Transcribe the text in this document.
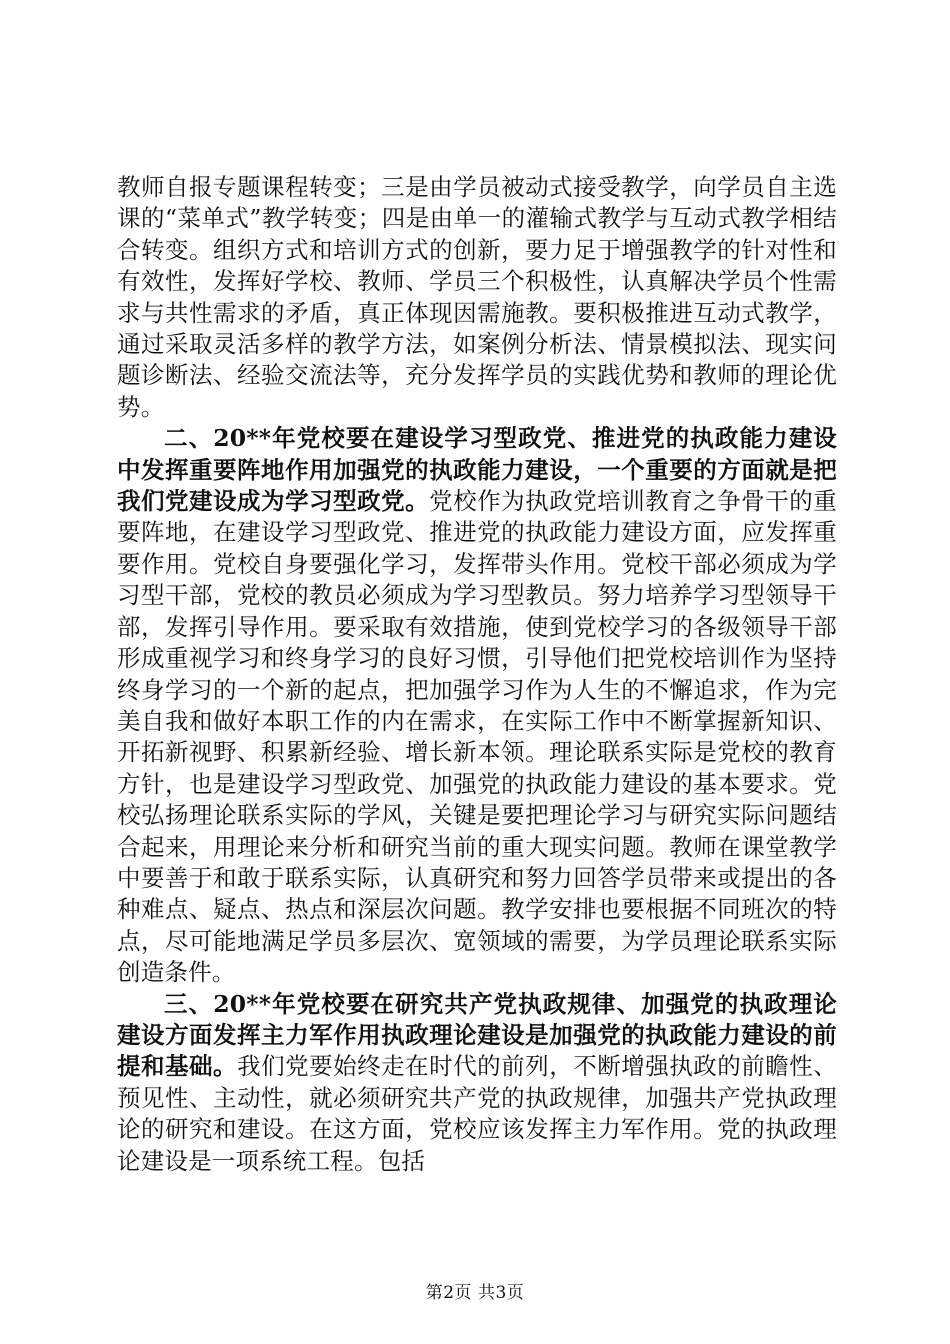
教师自报专题课程转变；三是由学员被动式接受教学，向学员自主选课的“菜单式”教学转变；四是由单一的灌输式教学与互动式教学相结合转变。组织方式和培训方式的创新，要力足于增强教学的针对性和有效性，发挥好学校、教师、学员三个积极性，认真解决学员个性需求与共性需求的矛盾，真正体现因需施教。要积极推进互动式教学，通过采取灵活多样的教学方法，如案例分析法、情景模拟法、现实问题诊断法、经验交流法等，充分发挥学员的实践优势和教师的理论优势。

二、20**年党校要在建设学习型政党、推进党的执政能力建设中发挥重要阵地作用加强党的执政能力建设，一个重要的方面就是把我们党建设成为学习型政党。党校作为执政党培训教育之争骨干的重要阵地，在建设学习型政党、推进党的执政能力建设方面，应发挥重要作用。党校自身要强化学习，发挥带头作用。党校干部必须成为学习型干部，党校的教员必须成为学习型教员。努力培养学习型领导干部，发挥引导作用。要采取有效措施，使到党校学习的各级领导干部形成重视学习和终身学习的良好习惯，引导他们把党校培训作为坚持终身学习的一个新的起点，把加强学习作为人生的不懈追求，作为完美自我和做好本职工作的内在需求，在实际工作中不断掌握新知识、开拓新视野、积累新经验、增长新本领。理论联系实际是党校的教育方针，也是建设学习型政党、加强党的执政能力建设的基本要求。党校弘扬理论联系实际的学风，关键是要把理论学习与研究实际问题结合起来，用理论来分析和研究当前的重大现实问题。教师在课堂教学中要善于和敢于联系实际，认真研究和努力回答学员带来或提出的各种难点、疑点、热点和深层次问题。教学安排也要根据不同班次的特点，尽可能地满足学员多层次、宽领域的需要，为学员理论联系实际创造条件。

三、20**年党校要在研究共产党执政规律、加强党的执政理论建设方面发挥主力军作用执政理论建设是加强党的执政能力建设的前提和基础。我们党要始终走在时代的前列，不断增强执政的前瞻性、预见性、主动性，就必须研究共产党的执政规律，加强共产党执政理论的研究和建设。在这方面，党校应该发挥主力军作用。党的执政理论建设是一项系统工程。包括

第2页 共3页
